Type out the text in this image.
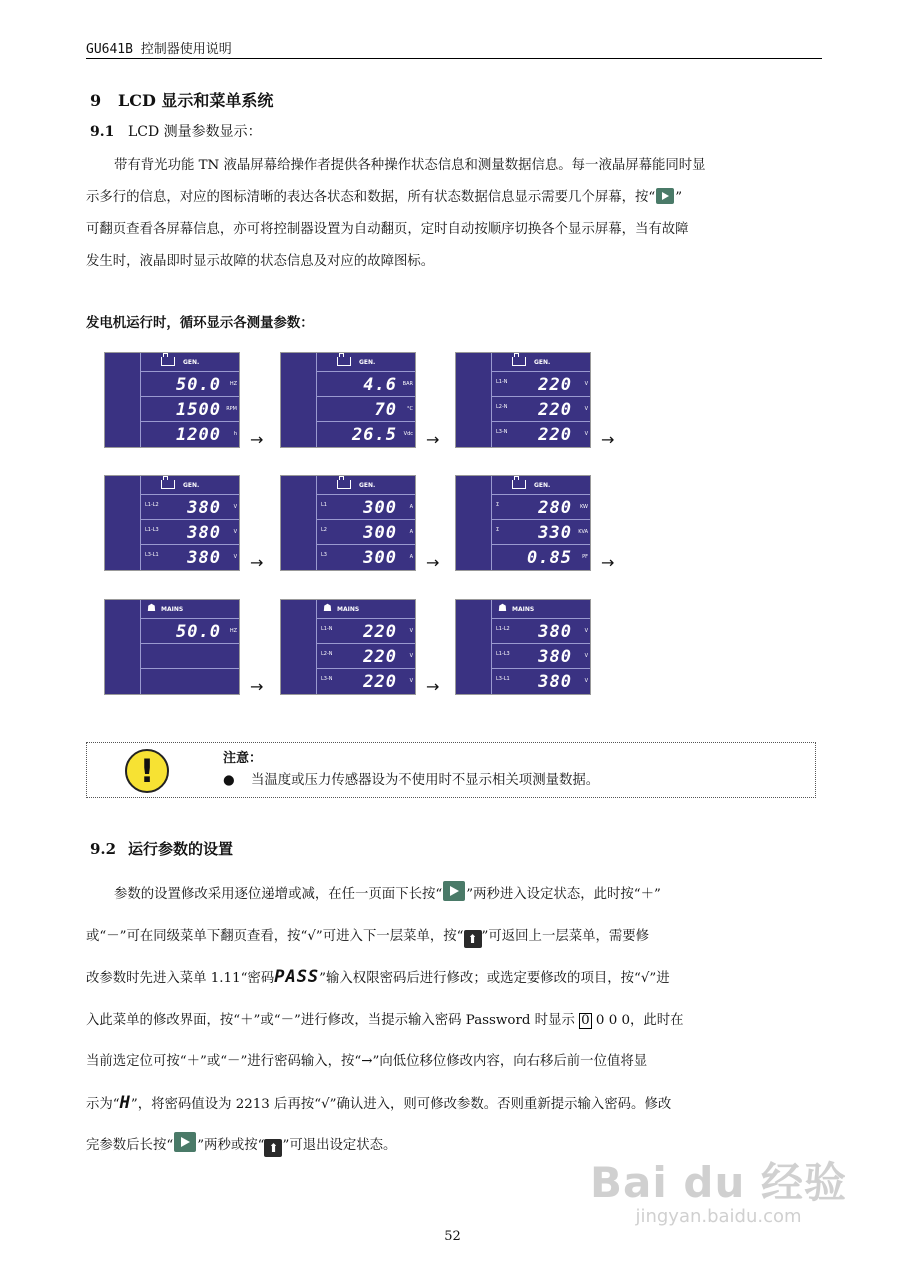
GU641B 控制器使用说明
9 LCD 显示和菜单系统
9.1 LCD 测量参数显示：

带有背光功能 TN 液晶屏幕给操作者提供各种操作状态信息和测量数据信息。每一液晶屏幕能同时显

示多行的信息，对应的图标清晰的表达各状态和数据，所有状态数据信息显示需要几个屏幕，按“ ”

可翻页查看各屏幕信息，亦可将控制器设置为自动翻页，定时自动按顺序切换各个显示屏幕，当有故障

发生时，液晶即时显示故障的状态信息及对应的故障图标。

发电机运行时，循环显示各测量参数：
GEN.
50.0 HZ
1500 RPM
1200	h →
GEN.
4.6 BAR
70 °C
26.5 Vdc →
GEN.
L1-N 220	V
L2-N 220	V
L3-N 220	V →
GEN.
L1-L2 380	V
L1-L3 380	V
L3-L1 380	V →
GEN.
L1 300	A
L2 300	A
L3 300	A →
GEN.
Σ 280 KW
Σ 330 KVA
0.85 PF →
☗ MAINS
50.0 HZ
→
☗ MAINS
L1-N 220	V
L2-N 220	V
L3-N 220	V →
☗ MAINS
L1-L2 380	V
L1-L3 380	V
L3-L1 380	V
!	注意：
● 当温度或压力传感器设为不使用时不显示相关项测量数据。
9.2 运行参数的设置

参数的设置修改采用逐位递增或减，在任一页面下长按“ ”两秒进入设定状态，此时按“＋”

或“－”可在同级菜单下翻页查看，按“√”可进入下一层菜单，按“ ⬆ ”可返回上一层菜单，需要修

改参数时先进入菜单 1.11“密码PASS”输入权限密码后进行修改；或选定要修改的项目，按“√”进

入此菜单的修改界面，按“＋”或“－”进行修改，当提示输入密码 Password 时显示 0 0 0 0，此时在

当前选定位可按“＋”或“－”进行密码输入，按“→”向低位移位修改内容，向右移后前一位值将显

示为“H”，将密码值设为 2213 后再按“√”确认进入，则可修改参数。否则重新提示输入密码。修改

完参数后长按“ ”两秒或按“ ⬆ ”可退出设定状态。

Bai du 经验
jingyan.baidu.com
52
